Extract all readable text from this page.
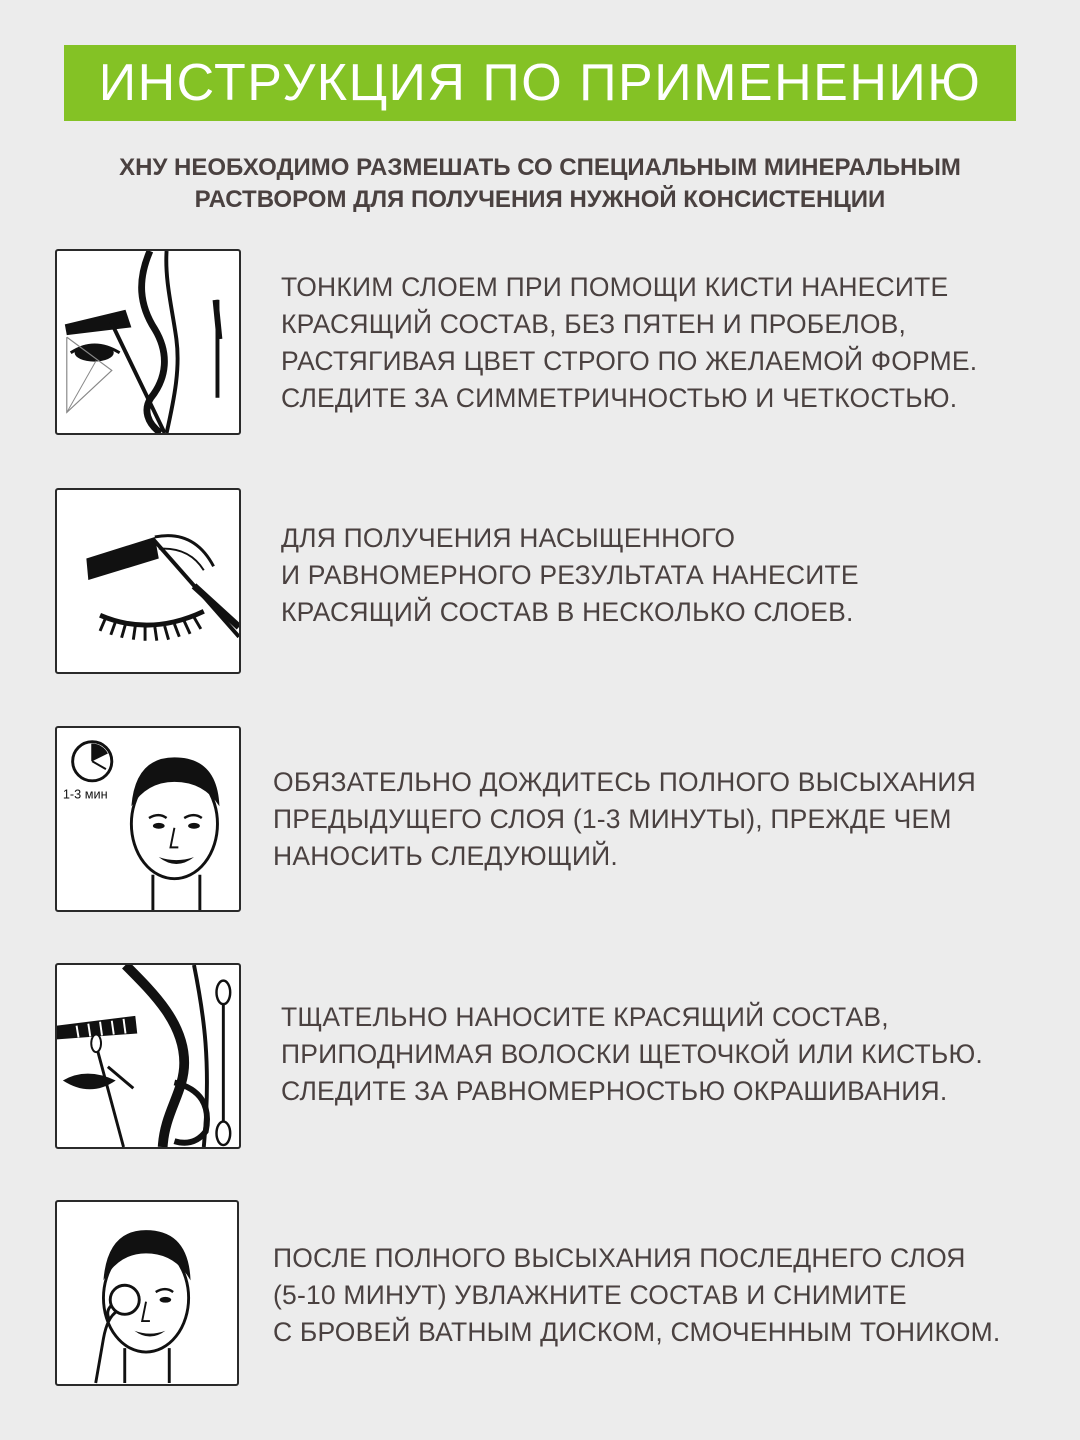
ИНСТРУКЦИЯ ПО ПРИМЕНЕНИЮ
ХНУ НЕОБХОДИМО РАЗМЕШАТЬ СО СПЕЦИАЛЬНЫМ МИНЕРАЛЬНЫМ
РАСТВОРОМ ДЛЯ ПОЛУЧЕНИЯ НУЖНОЙ КОНСИСТЕНЦИИ
ТОНКИМ СЛОЕМ ПРИ ПОМОЩИ КИСТИ НАНЕСИТЕ
КРАСЯЩИЙ СОСТАВ, БЕЗ ПЯТЕН И ПРОБЕЛОВ,
РАСТЯГИВАЯ ЦВЕТ СТРОГО ПО ЖЕЛАЕМОЙ ФОРМЕ.
СЛЕДИТЕ ЗА СИММЕТРИЧНОСТЬЮ И ЧЕТКОСТЬЮ.
ДЛЯ ПОЛУЧЕНИЯ НАСЫЩЕННОГО
И РАВНОМЕРНОГО РЕЗУЛЬТАТА НАНЕСИТЕ
КРАСЯЩИЙ СОСТАВ В НЕСКОЛЬКО СЛОЕВ.
1-3 мин	ОБЯЗАТЕЛЬНО ДОЖДИТЕСЬ ПОЛНОГО ВЫСЫХАНИЯ
ПРЕДЫДУЩЕГО СЛОЯ (1-3 МИНУТЫ), ПРЕЖДЕ ЧЕМ
НАНОСИТЬ СЛЕДУЮЩИЙ.
ТЩАТЕЛЬНО НАНОСИТЕ КРАСЯЩИЙ СОСТАВ,
ПРИПОДНИМАЯ ВОЛОСКИ ЩЕТОЧКОЙ ИЛИ КИСТЬЮ.
СЛЕДИТЕ ЗА РАВНОМЕРНОСТЬЮ ОКРАШИВАНИЯ.
ПОСЛЕ ПОЛНОГО ВЫСЫХАНИЯ ПОСЛЕДНЕГО СЛОЯ
(5-10 МИНУТ) УВЛАЖНИТЕ СОСТАВ И СНИМИТЕ
С БРОВЕЙ ВАТНЫМ ДИСКОМ, СМОЧЕННЫМ ТОНИКОМ.
